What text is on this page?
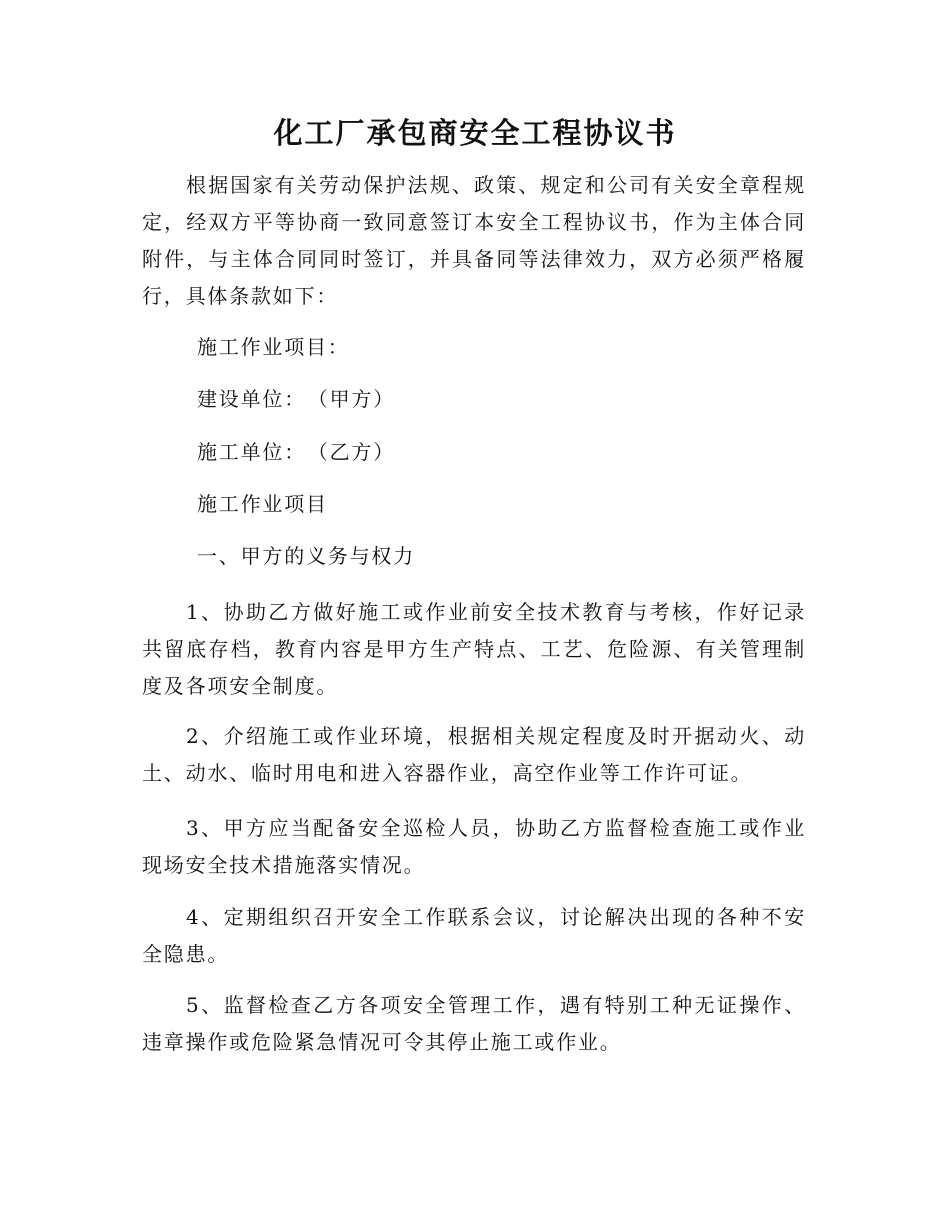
化工厂承包商安全工程协议书

根据国家有关劳动保护法规、政策、规定和公司有关安全章程规定，经双方平等协商一致同意签订本安全工程协议书，作为主体合同附件，与主体合同同时签订，并具备同等法律效力，双方必须严格履行，具体条款如下：

施工作业项目：

建设单位：　（甲方）

施工单位：　（乙方）

施工作业项目

一、甲方的义务与权力

1、协助乙方做好施工或作业前安全技术教育与考核，作好记录共留底存档，教育内容是甲方生产特点、工艺、危险源、有关管理制度及各项安全制度。

2、介绍施工或作业环境，根据相关规定程度及时开据动火、动土、动水、临时用电和进入容器作业，高空作业等工作许可证。

3、甲方应当配备安全巡检人员，协助乙方监督检查施工或作业现场安全技术措施落实情况。

4、定期组织召开安全工作联系会议，讨论解决出现的各种不安全隐患。

5、监督检查乙方各项安全管理工作，遇有特别工种无证操作、违章操作或危险紧急情况可令其停止施工或作业。
